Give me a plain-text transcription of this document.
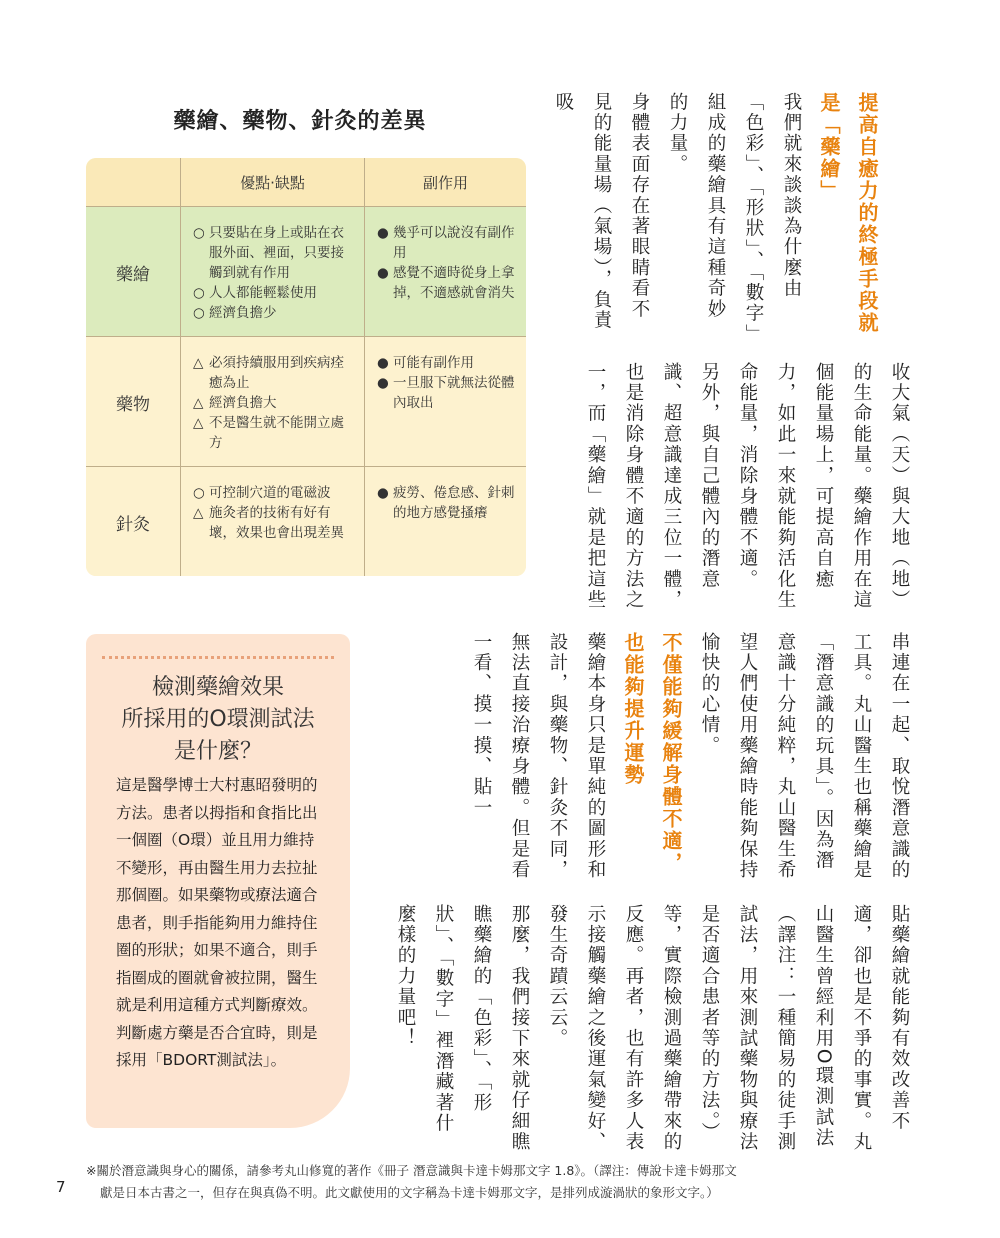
藥繪、藥物、針灸的差異
優點‧缺點	副作用
藥繪
○ 只要貼在身上或貼在衣服外面、裡面，只要接觸到就有作用
○ 人人都能輕鬆使用
○ 經濟負擔少
● 幾乎可以說沒有副作用
● 感覺不適時從身上拿掉，不適感就會消失
藥物
△ 必須持續服用到疾病痊癒為止
△ 經濟負擔大
△ 不是醫生就不能開立處方
● 可能有副作用
● 一旦服下就無法從體內取出
針灸
○ 可控制穴道的電磁波
△ 施灸者的技術有好有壞，效果也會出現差異
● 疲勞、倦怠感、針刺的地方感覺搔癢
檢測藥繪效果
所採用的O環測試法
是什麼？
這是醫學博士大村惠昭發明的方法。患者以拇指和食指比出一個圈（O環）並且用力維持不變形，再由醫生用力去拉扯那個圈。如果藥物或療法適合患者，則手指能夠用力維持住圈的形狀；如果不適合，則手指圈成的圈就會被拉開，醫生就是利用這種方式判斷療效。判斷處方藥是否合宜時，則是採用「BDORT測試法」。

提高自癒力的終極手段就是「藥繪」

我們就來談談為什麼由「色彩」、「形狀」、「數字」組成的藥繪具有這種奇妙的力量。

身體表面存在著眼睛看不見的能量場（氣場），負責吸

收大氣（天）與大地（地）的生命能量。藥繪作用在這個能量場上，可提高自癒力，如此一來就能夠活化生命能量，消除身體不適。

另外，與自己體內的潛意識、超意識達成三位一體，也是消除身體不適的方法之一，而「藥繪」就是把這些

串連在一起、取悅潛意識的工具。丸山醫生也稱藥繪是「潛意識的玩具」。因為潛意識十分純粹，丸山醫生希望人們使用藥繪時能夠保持愉快的心情。

不僅能夠緩解身體不適，也能夠提升運勢

藥繪本身只是單純的圖形和設計，與藥物、針灸不同，無法直接治療身體。但是看一看、摸一摸、貼一

貼藥繪就能夠有效改善不適，卻也是不爭的事實。丸山醫生曾經利用O環測試法（譯注：一種簡易的徒手測試法，用來測試藥物與療法是否適合患者等的方法。）等，實際檢測過藥繪帶來的反應。再者，也有許多人表示接觸藥繪之後運氣變好、發生奇蹟云云。

那麼，我們接下來就仔細瞧瞧藥繪的「色彩」、「形狀」、「數字」裡潛藏著什麼樣的力量吧！

7
※關於潛意識與身心的關係，請參考丸山修寬的著作《冊子 潛意識與卡達卡姆那文字 1.8》。（譯注：傳說卡達卡姆那文
獻是日本古書之一，但存在與真偽不明。此文獻使用的文字稱為卡達卡姆那文字，是排列成漩渦狀的象形文字。）
